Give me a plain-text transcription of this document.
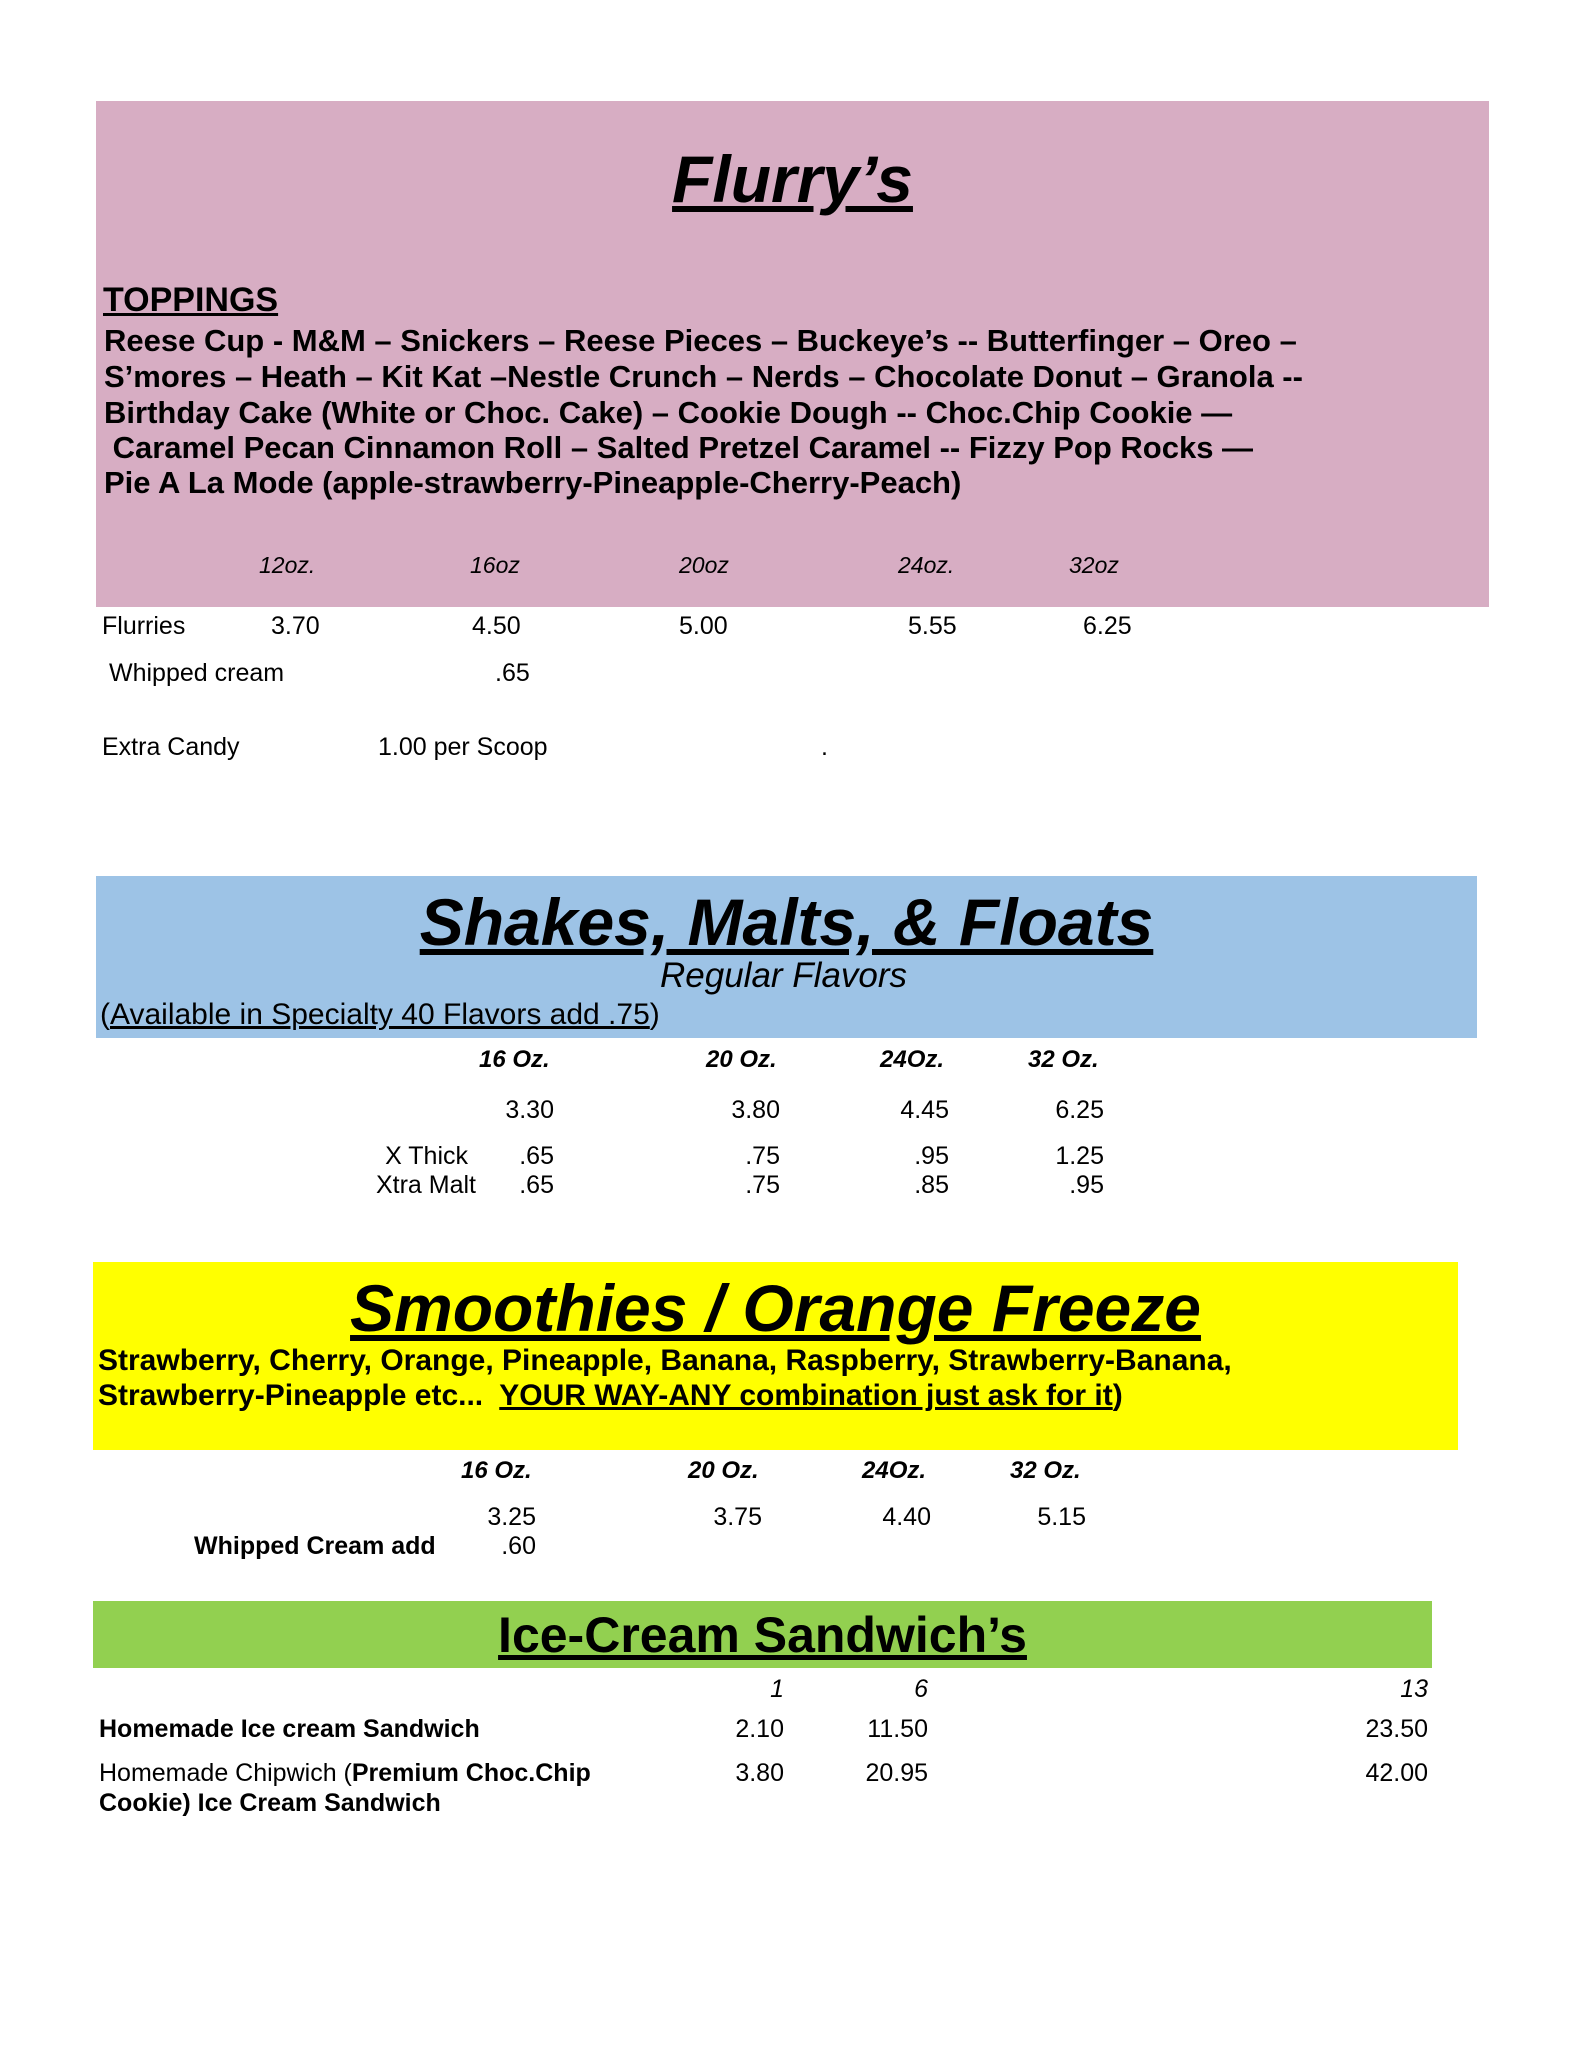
Flurry’s
TOPPINGS
Reese Cup - M&M – Snickers – Reese Pieces – Buckeye’s -- Butterfinger – Oreo –
S’mores – Heath – Kit Kat –Nestle Crunch – Nerds – Chocolate Donut – Granola --
Birthday Cake (White or Choc. Cake) – Cookie Dough -- Choc.Chip Cookie —
Caramel Pecan Cinnamon Roll – Salted Pretzel Caramel -- Fizzy Pop Rocks —
Pie A La Mode (apple-strawberry-Pineapple-Cherry-Peach)
12oz.	16oz	20oz	24oz.	32oz
Flurries	3.70	4.50	5.00	5.55	6.25
Whipped cream	.65
Extra Candy	1.00 per Scoop	.
Shakes, Malts, & Floats
Regular Flavors
(Available in Specialty 40 Flavors add .75)
16 Oz.	20 Oz.	24Oz.	32 Oz.
3.30	3.80	4.45	6.25
X Thick	.65	.75	.95	1.25
Xtra Malt	.65	.75	.85	.95
Smoothies / Orange Freeze
Strawberry, Cherry, Orange, Pineapple, Banana, Raspberry, Strawberry-Banana,
Strawberry-Pineapple etc...  YOUR WAY-ANY combination just ask for it)
16 Oz.	20 Oz.	24Oz.	32 Oz.
3.25	3.75	4.40	5.15
Whipped Cream add	.60
Ice-Cream Sandwich’s
1	6	13
Homemade Ice cream Sandwich	2.10	11.50	23.50
Homemade Chipwich (Premium Choc.Chip
Cookie) Ice Cream Sandwich
3.80	20.95	42.00
